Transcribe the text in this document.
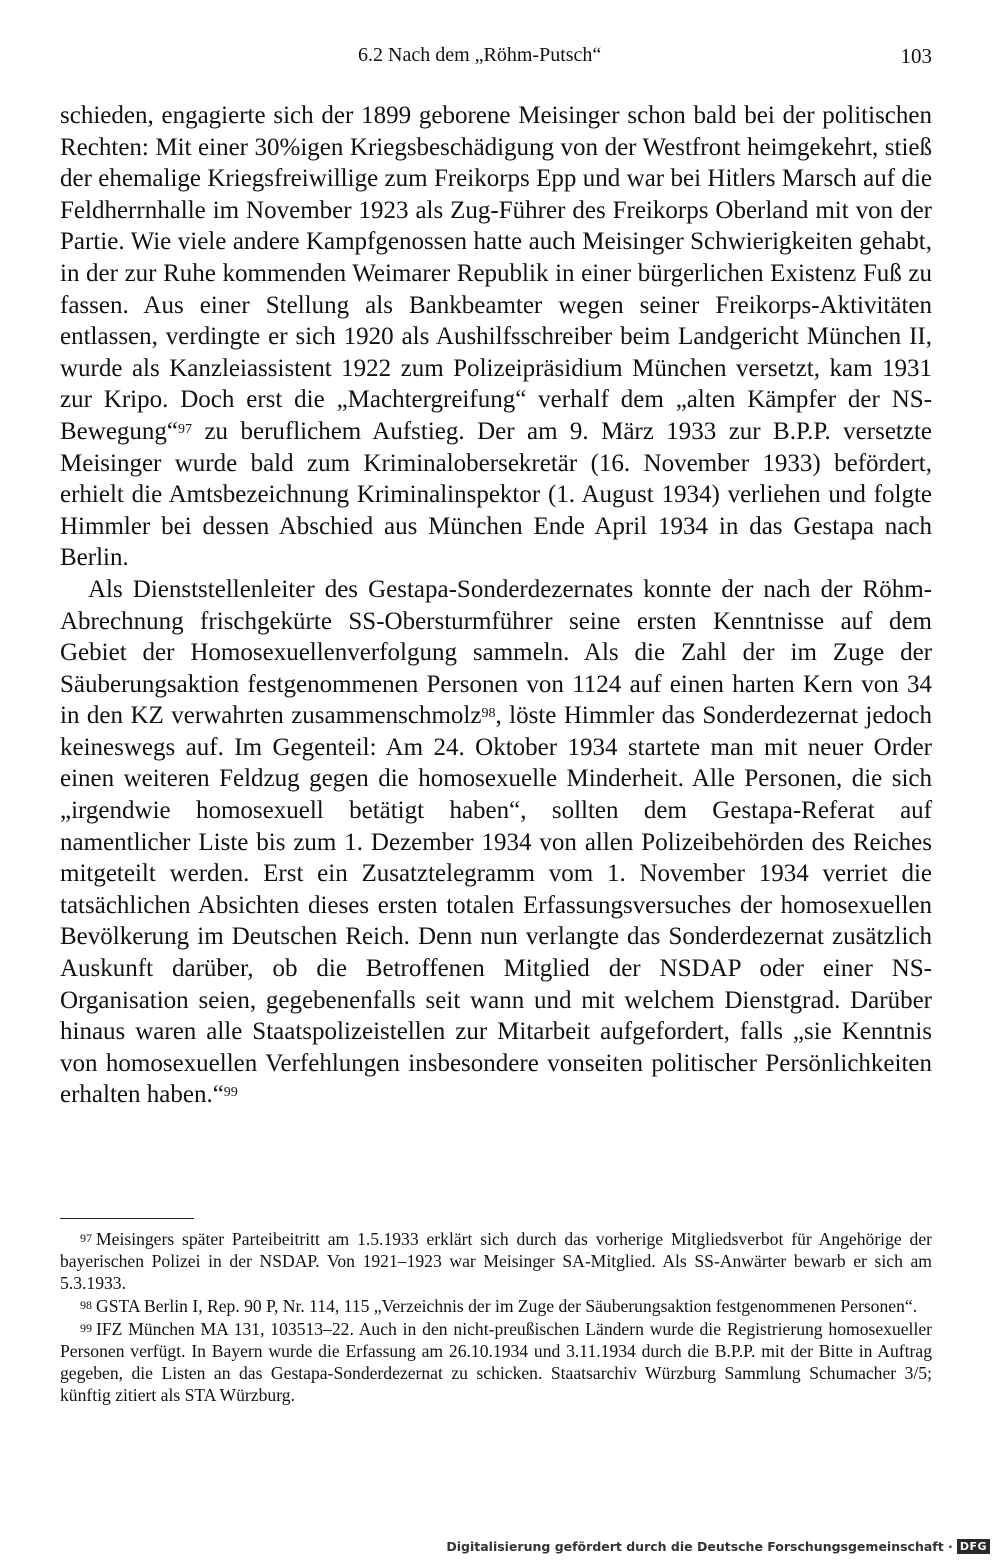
6.2 Nach dem „Röhm-Putsch“	103

schieden, engagierte sich der 1899 geborene Meisinger schon bald bei der politischen Rechten: Mit einer 30%igen Kriegsbeschädigung von der Westfront heimgekehrt, stieß der ehemalige Kriegsfreiwillige zum Freikorps Epp und war bei Hitlers Marsch auf die Feldherrnhalle im November 1923 als Zug-Führer des Freikorps Oberland mit von der Partie. Wie viele andere Kampfgenossen hatte auch Meisinger Schwierigkeiten gehabt, in der zur Ruhe kommenden Weimarer Republik in einer bürgerlichen Existenz Fuß zu fassen. Aus einer Stellung als Bankbeamter wegen seiner Freikorps-Aktivitäten entlassen, verdingte er sich 1920 als Aushilfsschreiber beim Landgericht München II, wurde als Kanzleiassistent 1922 zum Polizeipräsidium München versetzt, kam 1931 zur Kripo. Doch erst die „Machtergreifung“ verhalf dem „alten Kämpfer der NS-Bewegung“$^{97}$ zu beruflichem Aufstieg. Der am 9. März 1933 zur B.P.P. versetzte Meisinger wurde bald zum Kriminalobersekretär (16. November 1933) befördert, erhielt die Amtsbezeichnung Kriminalinspektor (1. August 1934) verliehen und folgte Himmler bei dessen Abschied aus München Ende April 1934 in das Gestapa nach Berlin.

Als Dienststellenleiter des Gestapa-Sonderdezernates konnte der nach der Röhm-Abrechnung frischgekürte SS-Obersturmführer seine ersten Kenntnisse auf dem Gebiet der Homosexuellenverfolgung sammeln. Als die Zahl der im Zuge der Säuberungsaktion festgenommenen Personen von 1124 auf einen harten Kern von 34 in den KZ verwahrten zusammenschmolz$^{98}$, löste Himmler das Sonderdezernat jedoch keineswegs auf. Im Gegenteil: Am 24. Oktober 1934 startete man mit neuer Order einen weiteren Feldzug gegen die homosexuelle Minderheit. Alle Personen, die sich „irgendwie homosexuell betätigt haben“, sollten dem Gestapa-Referat auf namentlicher Liste bis zum 1. Dezember 1934 von allen Polizeibehörden des Reiches mitgeteilt werden. Erst ein Zusatztelegramm vom 1. November 1934 verriet die tatsächlichen Absichten dieses ersten totalen Erfassungsversuches der homosexuellen Bevölkerung im Deutschen Reich. Denn nun verlangte das Sonderdezernat zusätzlich Auskunft darüber, ob die Betroffenen Mitglied der NSDAP oder einer NS-Organisation seien, gegebenenfalls seit wann und mit welchem Dienstgrad. Darüber hinaus waren alle Staatspolizeistellen zur Mitarbeit aufgefordert, falls „sie Kenntnis von homosexuellen Verfehlungen insbesondere vonseiten politischer Persönlichkeiten erhalten haben.“$^{99}$

$^{97}$ Meisingers später Parteibeitritt am 1.5.1933 erklärt sich durch das vorherige Mitgliedsverbot für Angehörige der bayerischen Polizei in der NSDAP. Von 1921–1923 war Meisinger SA-Mitglied. Als SS-Anwärter bewarb er sich am 5.3.1933.

$^{98}$ GSTA Berlin I, Rep. 90 P, Nr. 114, 115 „Verzeichnis der im Zuge der Säuberungsaktion festgenommenen Personen“.

$^{99}$ IFZ München MA 131, 103513–22. Auch in den nicht-preußischen Ländern wurde die Registrierung homosexueller Personen verfügt. In Bayern wurde die Erfassung am 26.10.1934 und 3.11.1934 durch die B.P.P. mit der Bitte in Auftrag gegeben, die Listen an das Gestapa-Sonderdezernat zu schicken. Staatsarchiv Würzburg Sammlung Schumacher 3/5; künftig zitiert als STA Würzburg.

Digitalisierung gefördert durch die Deutsche Forschungsgemeinschaft · DFG
